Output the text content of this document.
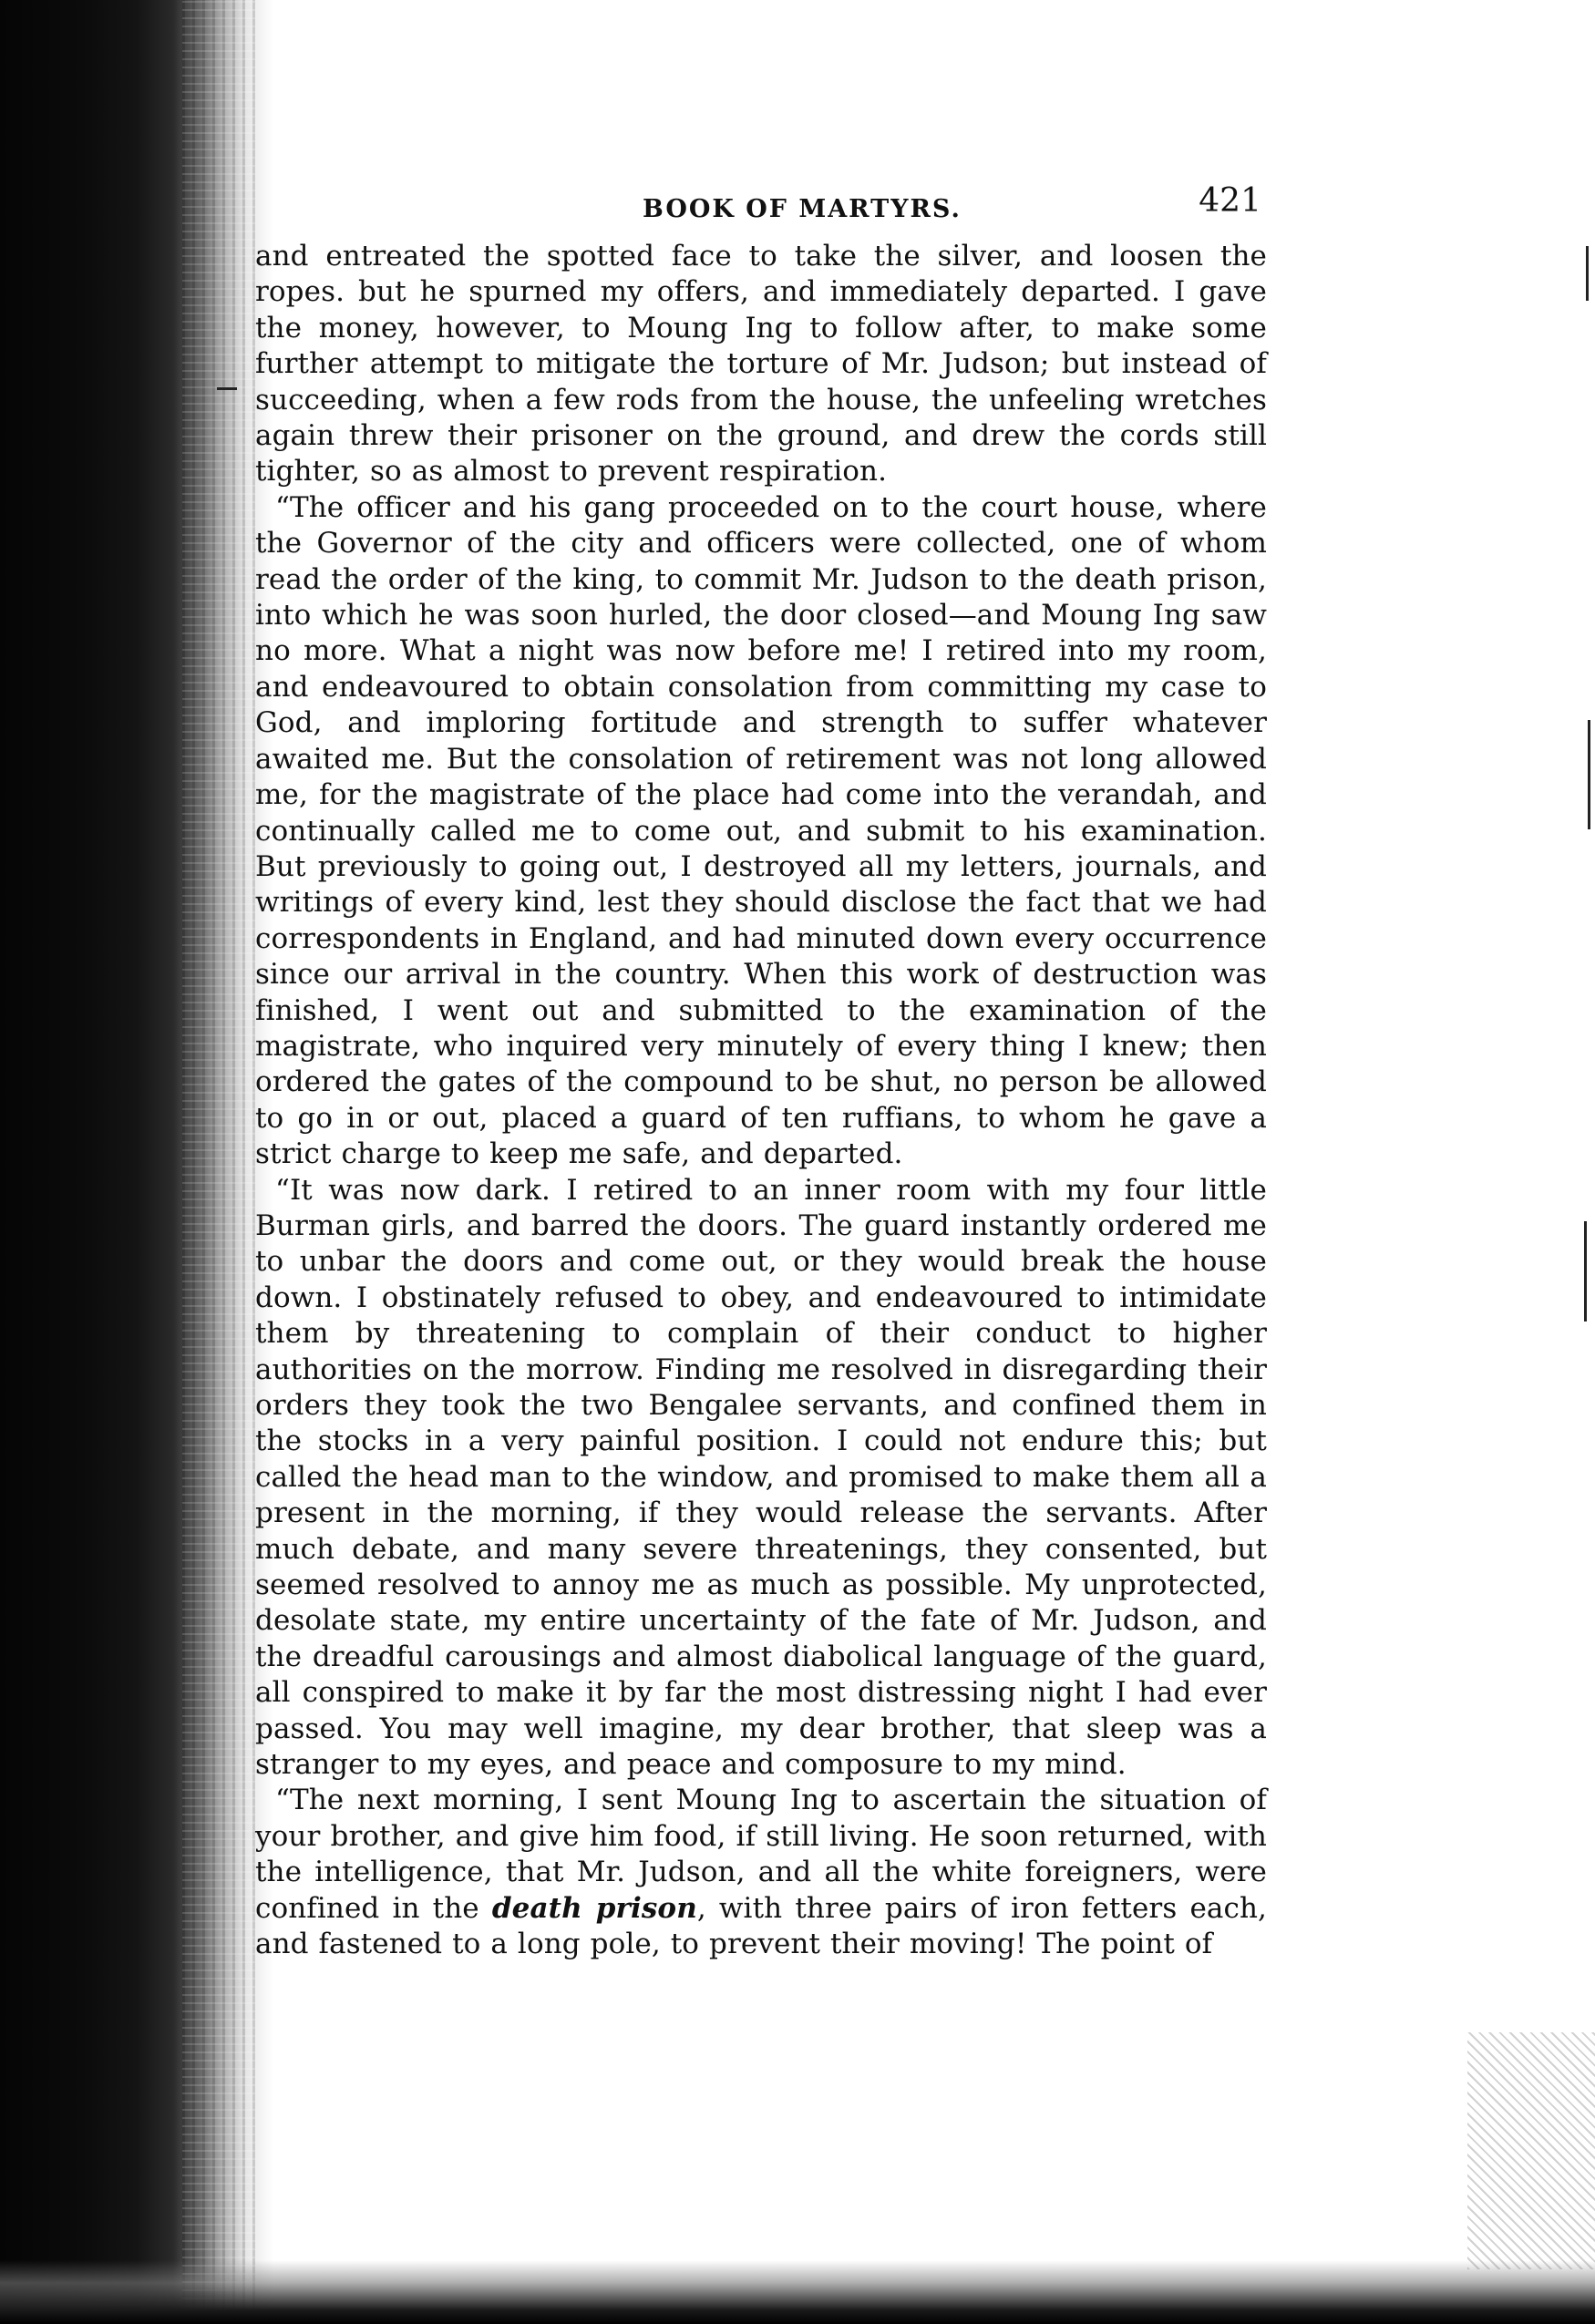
BOOK OF MARTYRS.	421

and entreated the spotted face to take the silver, and loosen the ropes. but he spurned my offers, and immediately departed. I gave the money, however, to Moung Ing to follow after, to make some further attempt to mitigate the torture of Mr. Judson; but instead of succeeding, when a few rods from the house, the unfeeling wretches again threw their prisoner on the ground, and drew the cords still tighter, so as almost to prevent respiration.

“The officer and his gang proceeded on to the court house, where the Governor of the city and officers were collected, one of whom read the order of the king, to commit Mr. Judson to the death prison, into which he was soon hurled, the door closed—and Moung Ing saw no more. What a night was now before me! I retired into my room, and endeavoured to obtain consolation from committing my case to God, and imploring fortitude and strength to suffer whatever awaited me. But the consolation of retirement was not long allowed me, for the magistrate of the place had come into the verandah, and continually called me to come out, and submit to his examination. But previously to going out, I destroyed all my letters, journals, and writings of every kind, lest they should disclose the fact that we had correspondents in England, and had minuted down every occurrence since our arrival in the country. When this work of destruction was finished, I went out and submitted to the examination of the magistrate, who inquired very minutely of every thing I knew; then ordered the gates of the compound to be shut, no person be allowed to go in or out, placed a guard of ten ruffians, to whom he gave a strict charge to keep me safe, and departed.

“It was now dark. I retired to an inner room with my four little Burman girls, and barred the doors. The guard instantly ordered me to unbar the doors and come out, or they would break the house down. I obstinately refused to obey, and endeavoured to intimidate them by threatening to complain of their conduct to higher authorities on the morrow. Finding me resolved in disregarding their orders they took the two Bengalee servants, and confined them in the stocks in a very painful position. I could not endure this; but called the head man to the window, and promised to make them all a present in the morning, if they would release the servants. After much debate, and many severe threatenings, they consented, but seemed resolved to annoy me as much as possible. My unprotected, desolate state, my entire uncertainty of the fate of Mr. Judson, and the dreadful carousings and almost diabolical language of the guard, all conspired to make it by far the most distressing night I had ever passed. You may well imagine, my dear brother, that sleep was a stranger to my eyes, and peace and composure to my mind.

“The next morning, I sent Moung Ing to ascertain the situation of your brother, and give him food, if still living. He soon returned, with the intelligence, that Mr. Judson, and all the white foreigners, were confined in the death prison, with three pairs of iron fetters each, and fastened to a long pole, to prevent their moving! The point of
